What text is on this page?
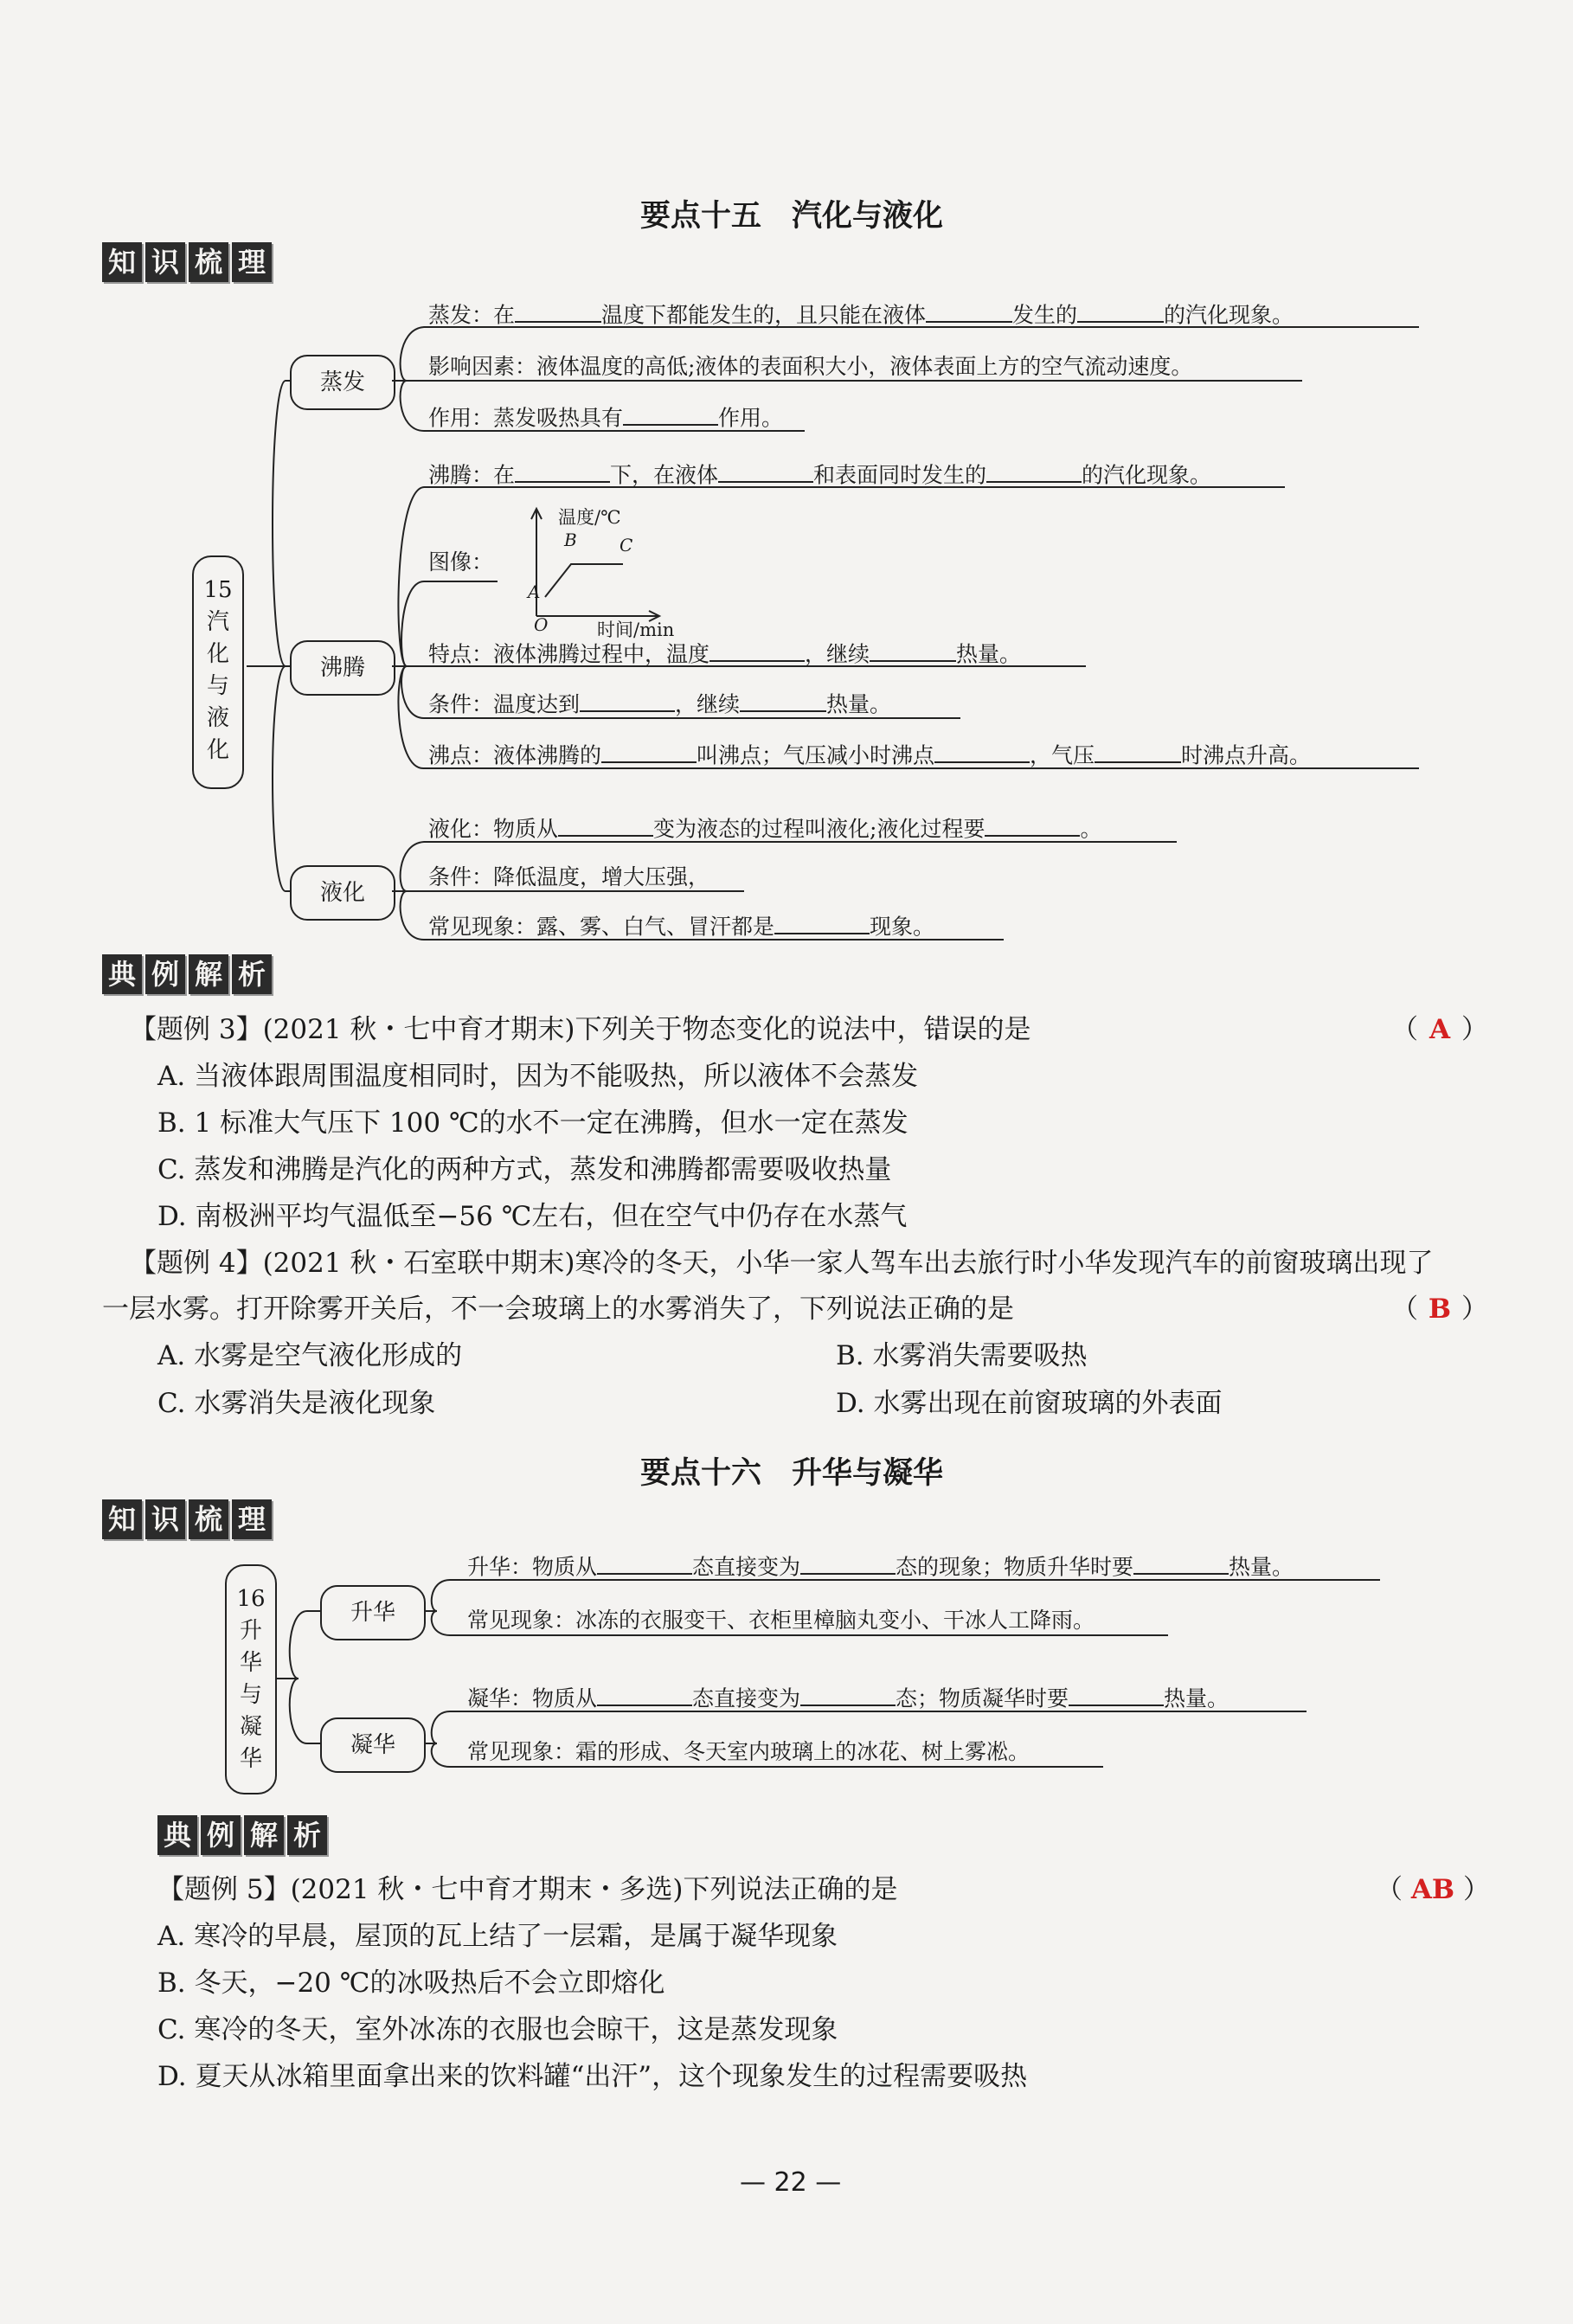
要点十五　汽化与液化
知 识 梳 理
15
汽
化
与
液
化
蒸发
沸腾
液化
蒸发：在	温度下都能发生的，且只能在液体	发生的	的汽化现象。
影响因素：液体温度的高低;液体的表面积大小，液体表面上方的空气流动速度。
作用：蒸发吸热具有	作用。
沸腾：在	下，在液体	和表面同时发生的	的汽化现象。
图像：
温度/℃
时间/min
A
B C
O
特点：液体沸腾过程中，温度	，继续	热量。
条件：温度达到	，继续	热量。
沸点：液体沸腾的	叫沸点；气压减小时沸点	，气压	时沸点升高。
液化：物质从	变为液态的过程叫液化;液化过程要	。
条件：降低温度，增大压强，
常见现象：露、雾、白气、冒汗都是	现象。
典 例 解 析
【题例 3】(2021 秋・七中育才期末)下列关于物态变化的说法中，错 •误 •的是	（ A ）
A. 当液体跟周围温度相同时，因为不能吸热，所以液体不会蒸发
B. 1 标准大气压下 100 ℃的水不一定在沸腾，但水一定在蒸发
C. 蒸发和沸腾是汽化的两种方式，蒸发和沸腾都需要吸收热量
D. 南极洲平均气温低至−56 ℃左右，但在空气中仍存在水蒸气
【题例 4】(2021 秋・石室联中期末)寒冷的冬天，小华一家人驾车出去旅行时小华发现汽车的前窗玻璃出现了
一层水雾。打开除雾开关后，不一会玻璃上的水雾消失了，下列说法正确的是	（ B ）
A. 水雾是空气液化形成的	B. 水雾消失需要吸热
C. 水雾消失是液化现象	D. 水雾出现在前窗玻璃的外表面
要点十六　升华与凝华
知 识 梳 理
16
升
华
与
凝
华
升华
凝华
升华：物质从	态直接变为	态的现象；物质升华时要	热量。
常见现象：冰冻的衣服变干、衣柜里樟脑丸变小、干冰人工降雨。
凝华：物质从	态直接变为	态；物质凝华时要	热量。
常见现象：霜的形成、冬天室内玻璃上的冰花、树上雾凇。
典 例 解 析
【题例 5】(2021 秋・七中育才期末・多选)下列说法正确的是	（ AB ）
A. 寒冷的早晨，屋顶的瓦上结了一层霜，是属于凝华现象
B. 冬天，−20 ℃的冰吸热后不会立即熔化
C. 寒冷的冬天，室外冰冻的衣服也会晾干，这是蒸发现象
D. 夏天从冰箱里面拿出来的饮料罐“出汗”，这个现象发生的过程需要吸热
— 22 —
